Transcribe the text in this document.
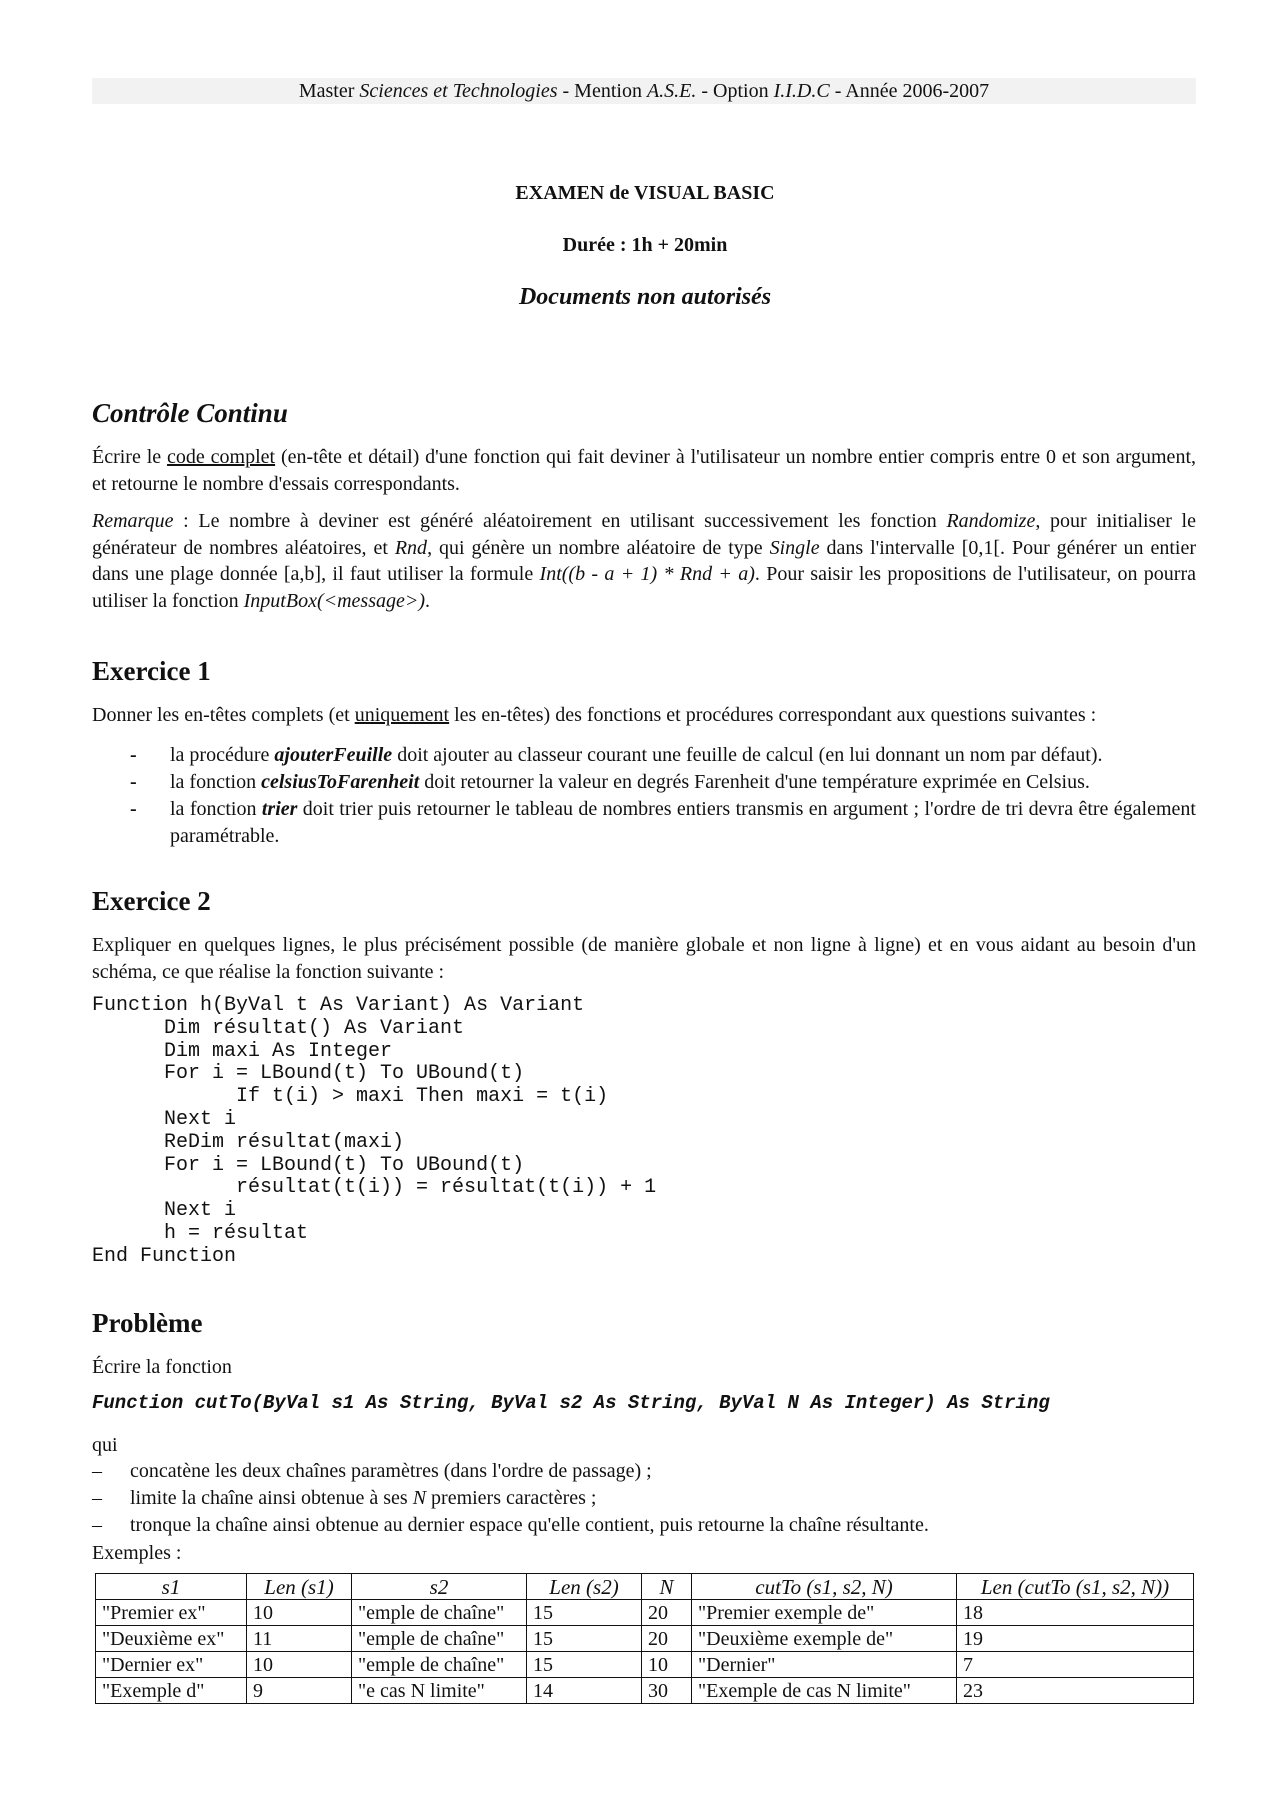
Master Sciences et Technologies - Mention A.S.E. - Option I.I.D.C - Année 2006-2007
EXAMEN de VISUAL BASIC
Durée : 1h + 20min
Documents non autorisés
Contrôle Continu

Écrire le code complet (en-tête et détail) d'une fonction qui fait deviner à l'utilisateur un nombre entier compris entre 0 et son argument, et retourne le nombre d'essais correspondants.

Remarque : Le nombre à deviner est généré aléatoirement en utilisant successivement les fonction Randomize, pour initialiser le générateur de nombres aléatoires, et Rnd, qui génère un nombre aléatoire de type Single dans l'intervalle [0,1[. Pour générer un entier dans une plage donnée [a,b], il faut utiliser la formule Int((b - a + 1) * Rnd + a). Pour saisir les propositions de l'utilisateur, on pourra utiliser la fonction InputBox(<message>).

Exercice 1

Donner les en-têtes complets (et uniquement les en-têtes) des fonctions et procédures correspondant aux questions suivantes :

- la procédure ajouterFeuille doit ajouter au classeur courant une feuille de calcul (en lui donnant un nom par défaut).
- la fonction celsiusToFarenheit doit retourner la valeur en degrés Farenheit d'une température exprimée en Celsius.
- la fonction trier doit trier puis retourner le tableau de nombres entiers transmis en argument ; l'ordre de tri devra être également paramétrable.
Exercice 2

Expliquer en quelques lignes, le plus précisément possible (de manière globale et non ligne à ligne) et en vous aidant au besoin d'un schéma, ce que réalise la fonction suivante :

Function h(ByVal t As Variant) As Variant
Dim résultat() As Variant
Dim maxi As Integer
For i = LBound(t) To UBound(t)
If t(i) > maxi Then maxi = t(i)
Next i
ReDim résultat(maxi)
For i = LBound(t) To UBound(t)
résultat(t(i)) = résultat(t(i)) + 1
Next i
h = résultat
End Function
Problème

Écrire la fonction

Function cutTo(ByVal s1 As String, ByVal s2 As String, ByVal N As Integer) As String

qui

– concatène les deux chaînes paramètres (dans l'ordre de passage) ;
– limite la chaîne ainsi obtenue à ses N premiers caractères ;
– tronque la chaîne ainsi obtenue au dernier espace qu'elle contient, puis retourne la chaîne résultante.

Exemples :

s1	Len (s1)	s2	Len (s2)	N	cutTo (s1, s2, N)	Len (cutTo (s1, s2, N))
"Premier ex"	10	"emple de chaîne"	15	20	"Premier exemple de"	18
"Deuxième ex"	11	"emple de chaîne"	15	20	"Deuxième exemple de"	19
"Dernier ex"	10	"emple de chaîne"	15	10	"Dernier"	7
"Exemple d"	9	"e cas N limite"	14	30	"Exemple de cas N limite"	23
